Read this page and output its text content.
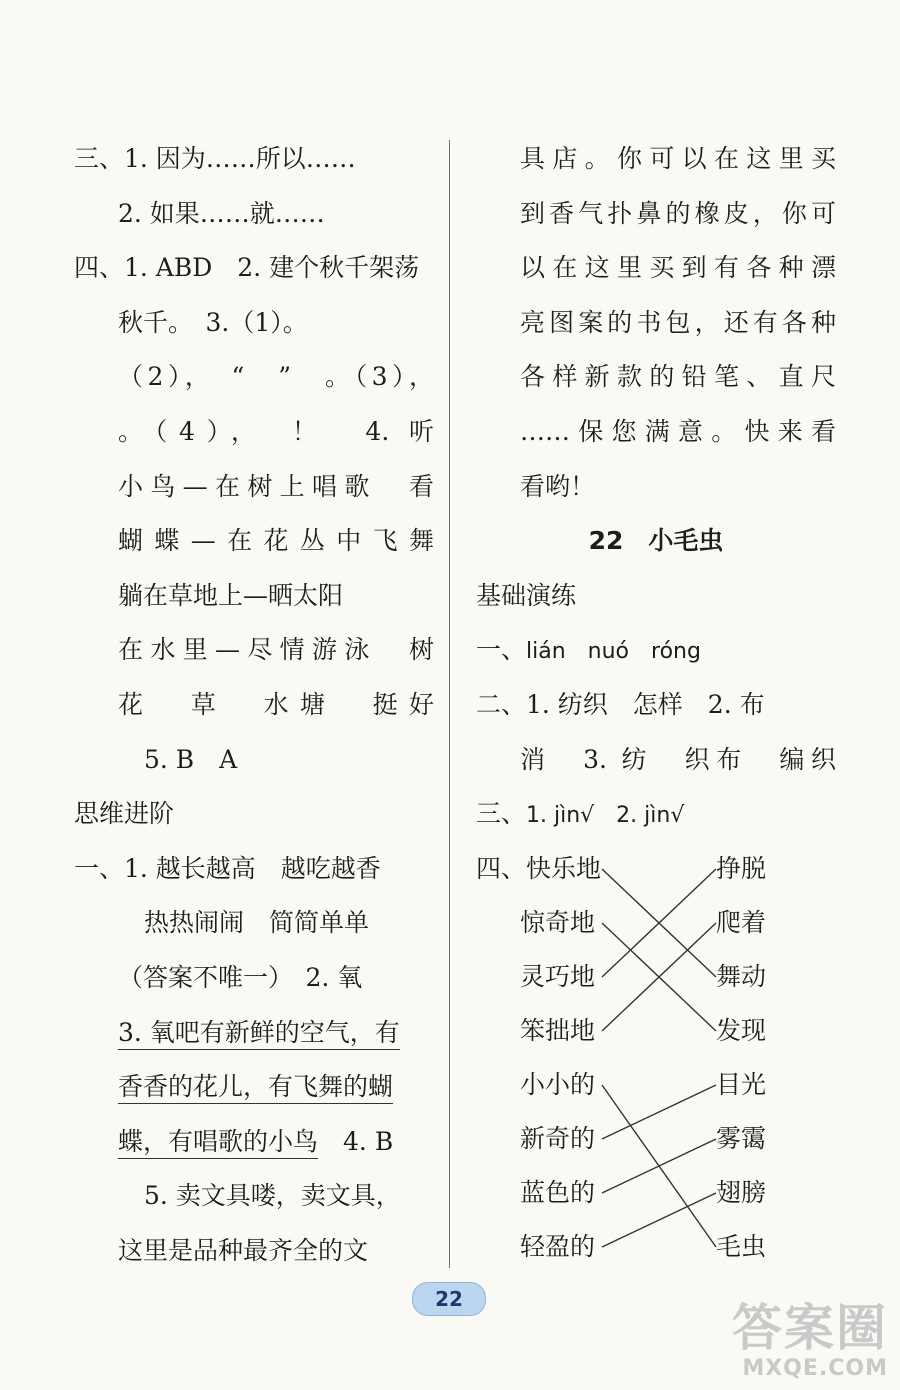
三、1. 因为……所以……
2. 如果……就……
四、1. ABD　2. 建个秋千架荡
秋千。　3.（1）。
（2），　“　”　。（3），
。（4），　！　4. 听
小鸟—在树上唱歌　看
蝴蝶—在花丛中飞舞
躺在草地上—晒太阳
在水里—尽情游泳　树
花　草　水塘　挺好
5. B　A
思维进阶
一、1. 越长越高　越吃越香
热热闹闹　简简单单
（答案不唯一）　2. 氧
3. 氧吧有新鲜的空气，有
香香的花儿，有飞舞的蝴
蝶，有唱歌的小鸟　4. B
5. 卖文具喽，卖文具，
这里是品种最齐全的文
具店。你可以在这里买
到香气扑鼻的橡皮，你可
以在这里买到有各种漂
亮图案的书包，还有各种
各样新款的铅笔、直尺
……保您满意。快来看
看哟！
22　小毛虫
基础演练
一、lián　nuó　róng
二、1. 纺织　怎样　2. 布
消　3. 纺　织布　编织
三、1. jìn√　2. jìn√
四、快乐地
惊奇地
灵巧地
笨拙地
小小的
新奇的
蓝色的
轻盈的
挣脱
爬着
舞动
发现
目光
雾霭
翅膀
毛虫
22	答案圈
MXQE.COM
